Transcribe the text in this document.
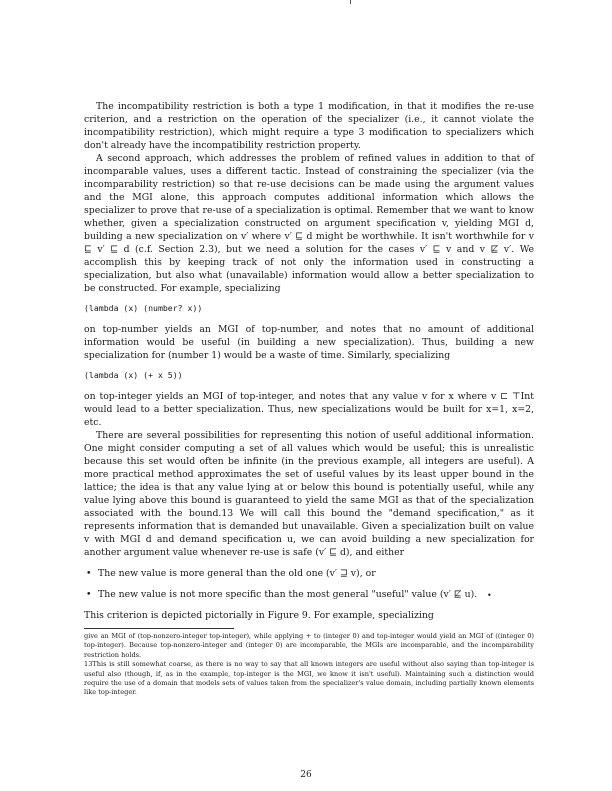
The incompatibility restriction is both a type 1 modification, in that it modifies the re-use criterion, and a restriction on the operation of the specializer (i.e., it cannot violate the incompatibility restriction), which might require a type 3 modification to specializers which don't already have the incompatibility restriction property.

A second approach, which addresses the problem of refined values in addition to that of incomparable values, uses a different tactic. Instead of constraining the specializer (via the incomparability restriction) so that re-use decisions can be made using the argument values and the MGI alone, this approach computes additional information which allows the specializer to prove that re-use of a specialization is optimal. Remember that we want to know whether, given a specialization constructed on argument specification v, yielding MGI d, building a new specialization on v′ where v′ ⊑ d might be worthwhile. It isn't worthwhile for v ⊑ v′ ⊑ d (c.f. Section 2.3), but we need a solution for the cases v′ ⊑ v and v ⋢ v′. We accomplish this by keeping track of not only the information used in constructing a specialization, but also what (unavailable) information would allow a better specialization to be constructed. For example, specializing

(lambda (x) (number? x))

on top-number yields an MGI of top-number, and notes that no amount of additional information would be useful (in building a new specialization). Thus, building a new specialization for (number 1) would be a waste of time. Similarly, specializing

(lambda (x) (+ x 5))

on top-integer yields an MGI of top-integer, and notes that any value v for x where v ⊏ ⊤Int would lead to a better specialization. Thus, new specializations would be built for x=1, x=2, etc.

There are several possibilities for representing this notion of useful additional information. One might consider computing a set of all values which would be useful; this is unrealistic because this set would often be infinite (in the previous example, all integers are useful). A more practical method approximates the set of useful values by its least upper bound in the lattice; the idea is that any value lying at or below this bound is potentially useful, while any value lying above this bound is guaranteed to yield the same MGI as that of the specialization associated with the bound.13 We will call this bound the "demand specification," as it represents information that is demanded but unavailable. Given a specialization built on value v with MGI d and demand specification u, we can avoid building a new specialization for another argument value whenever re-use is safe (v′ ⊑ d), and either

• The new value is more general than the old one (v′ ⊒ v), or
• The new value is not more specific than the most general "useful" value (v′ ⋢ u).

This criterion is depicted pictorially in Figure 9. For example, specializing

give an MGI of (top-nonzero-integer top-integer), while applying + to (integer 0) and top-integer would yield an MGI of ((integer 0) top-integer). Because top-nonzero-integer and (integer 0) are incomparable, the MGIs are incomparable, and the incomparability restriction holds.

13This is still somewhat coarse, as there is no way to say that all known integers are useful without also saying than top-integer is useful also (though, if, as in the example, top-integer is the MGI, we know it isn't useful). Maintaining such a distinction would require the use of a domain that models sets of values taken from the specializer's value domain, including partially known elements like top-integer.

•
26
